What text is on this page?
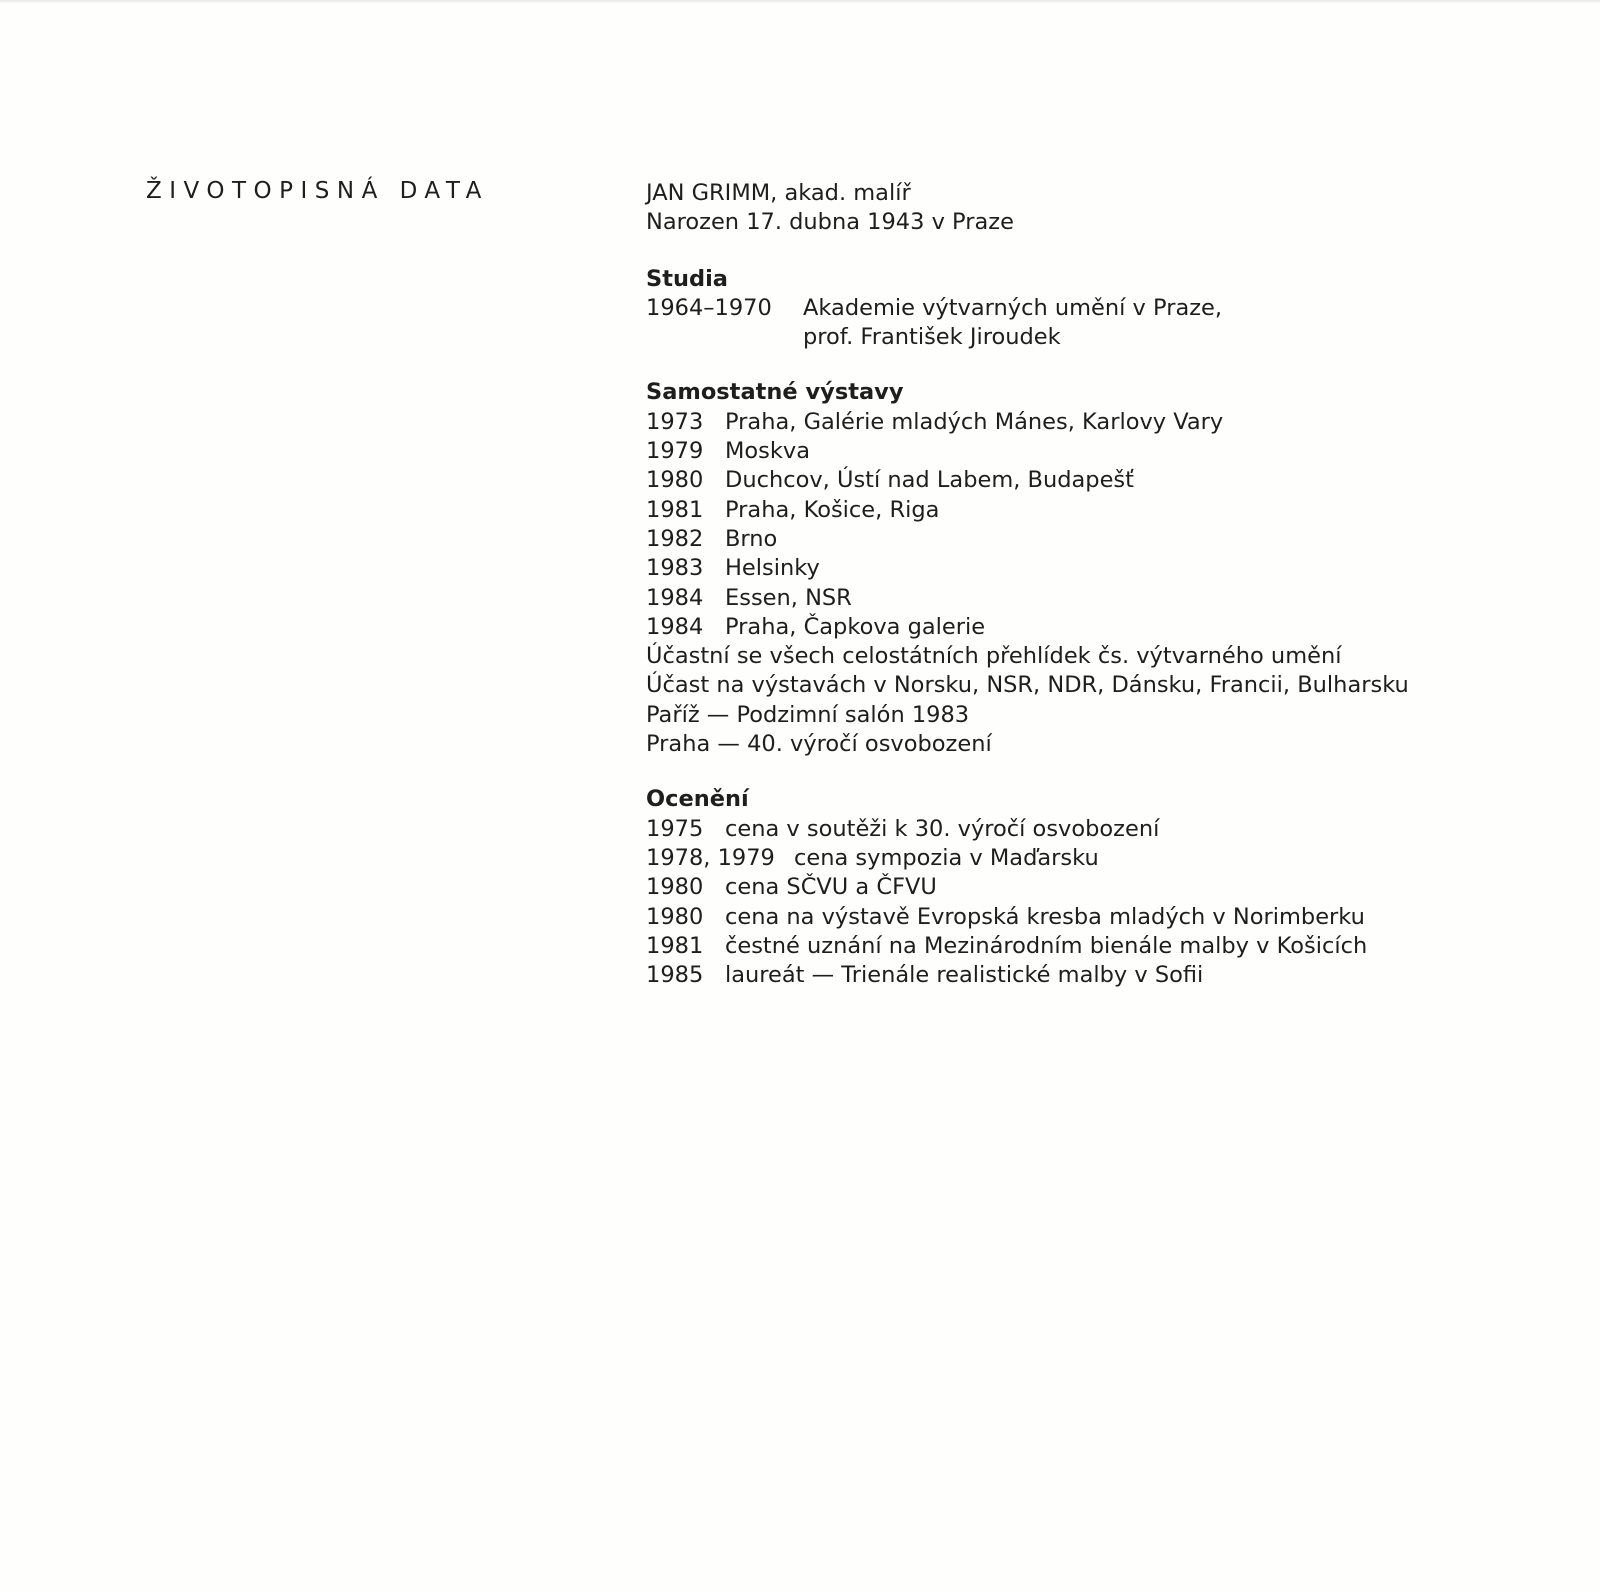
ŽIVOTOPISNÁ DATA	JAN GRIMM, akad. malíř
Narozen 17. dubna 1943 v Praze
Studia
1964–1970	Akademie výtvarných umění v Praze,
prof. František Jiroudek
Samostatné výstavy
1973 Praha, Galérie mladých Mánes, Karlovy Vary
1979 Moskva
1980 Duchcov, Ústí nad Labem, Budapešť
1981 Praha, Košice, Riga
1982 Brno
1983 Helsinky
1984 Essen, NSR
1984 Praha, Čapkova galerie
Účastní se všech celostátních přehlídek čs. výtvarného umění
Účast na výstavách v Norsku, NSR, NDR, Dánsku, Francii, Bulharsku
Paříž — Podzimní salón 1983
Praha — 40. výročí osvobození
Ocenění
1975 cena v soutěži k 30. výročí osvobození
1978, 1979 cena sympozia v Maďarsku
1980 cena SČVU a ČFVU
1980 cena na výstavě Evropská kresba mladých v Norimberku
1981 čestné uznání na Mezinárodním bienále malby v Košicích
1985 laureát — Trienále realistické malby v Sofii
